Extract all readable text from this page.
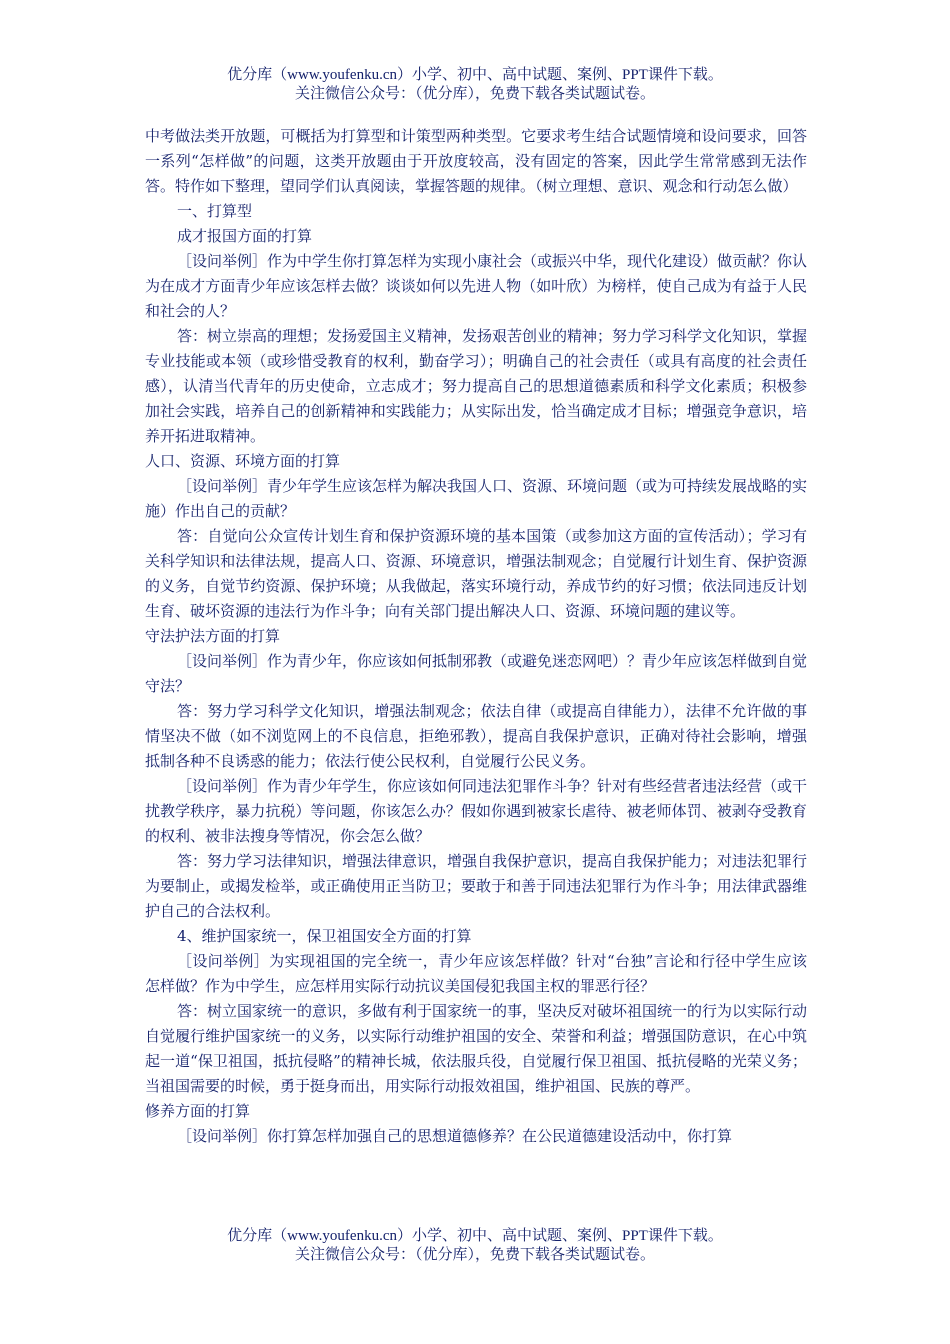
优分库（www.youfenku.cn）小学、初中、高中试题、案例、PPT课件下载。
关注微信公众号：（优分库），免费下载各类试题试卷。

中考做法类开放题，可概括为打算型和计策型两种类型。它要求考生结合试题情境和设问要求，回答一系列“怎样做”的问题，这类开放题由于开放度较高，没有固定的答案，因此学生常常感到无法作答。特作如下整理，望同学们认真阅读，掌握答题的规律。（树立理想、意识、观念和行动怎么做）

一、打算型

成才报国方面的打算

［设问举例］作为中学生你打算怎样为实现小康社会（或振兴中华，现代化建设）做贡献？你认为在成才方面青少年应该怎样去做？谈谈如何以先进人物（如叶欣）为榜样，使自己成为有益于人民和社会的人？

答：树立崇高的理想；发扬爱国主义精神，发扬艰苦创业的精神；努力学习科学文化知识，掌握专业技能或本领（或珍惜受教育的权利，勤奋学习）；明确自己的社会责任（或具有高度的社会责任感），认清当代青年的历史使命，立志成才；努力提高自己的思想道德素质和科学文化素质；积极参加社会实践，培养自己的创新精神和实践能力；从实际出发，恰当确定成才目标；增强竞争意识，培养开拓进取精神。

人口、资源、环境方面的打算

［设问举例］青少年学生应该怎样为解决我国人口、资源、环境问题（或为可持续发展战略的实施）作出自己的贡献？

答：自觉向公众宣传计划生育和保护资源环境的基本国策（或参加这方面的宣传活动）；学习有关科学知识和法律法规，提高人口、资源、环境意识，增强法制观念；自觉履行计划生育、保护资源的义务，自觉节约资源、保护环境；从我做起，落实环境行动，养成节约的好习惯；依法同违反计划生育、破坏资源的违法行为作斗争；向有关部门提出解决人口、资源、环境问题的建议等。

守法护法方面的打算

［设问举例］作为青少年，你应该如何抵制邪教（或避免迷恋网吧）？青少年应该怎样做到自觉守法？

答：努力学习科学文化知识，增强法制观念；依法自律（或提高自律能力），法律不允许做的事情坚决不做（如不浏览网上的不良信息，拒绝邪教），提高自我保护意识，正确对待社会影响，增强抵制各种不良诱惑的能力；依法行使公民权利，自觉履行公民义务。

［设问举例］作为青少年学生，你应该如何同违法犯罪作斗争？针对有些经营者违法经营（或干扰教学秩序，暴力抗税）等问题，你该怎么办？假如你遇到被家长虐待、被老师体罚、被剥夺受教育的权利、被非法搜身等情况，你会怎么做？

答：努力学习法律知识，增强法律意识，增强自我保护意识，提高自我保护能力；对违法犯罪行为要制止，或揭发检举，或正确使用正当防卫；要敢于和善于同违法犯罪行为作斗争；用法律武器维护自己的合法权利。

4、维护国家统一，保卫祖国安全方面的打算

［设问举例］为实现祖国的完全统一，青少年应该怎样做？针对“台独”言论和行径中学生应该怎样做？作为中学生，应怎样用实际行动抗议美国侵犯我国主权的罪恶行径？

答：树立国家统一的意识，多做有利于国家统一的事，坚决反对破坏祖国统一的行为以实际行动自觉履行维护国家统一的义务，以实际行动维护祖国的安全、荣誉和利益；增强国防意识，在心中筑起一道“保卫祖国，抵抗侵略”的精神长城，依法服兵役，自觉履行保卫祖国、抵抗侵略的光荣义务；当祖国需要的时候，勇于挺身而出，用实际行动报效祖国，维护祖国、民族的尊严。

修养方面的打算

［设问举例］你打算怎样加强自己的思想道德修养？在公民道德建设活动中，你打算

优分库（www.youfenku.cn）小学、初中、高中试题、案例、PPT课件下载。
关注微信公众号：（优分库），免费下载各类试题试卷。
